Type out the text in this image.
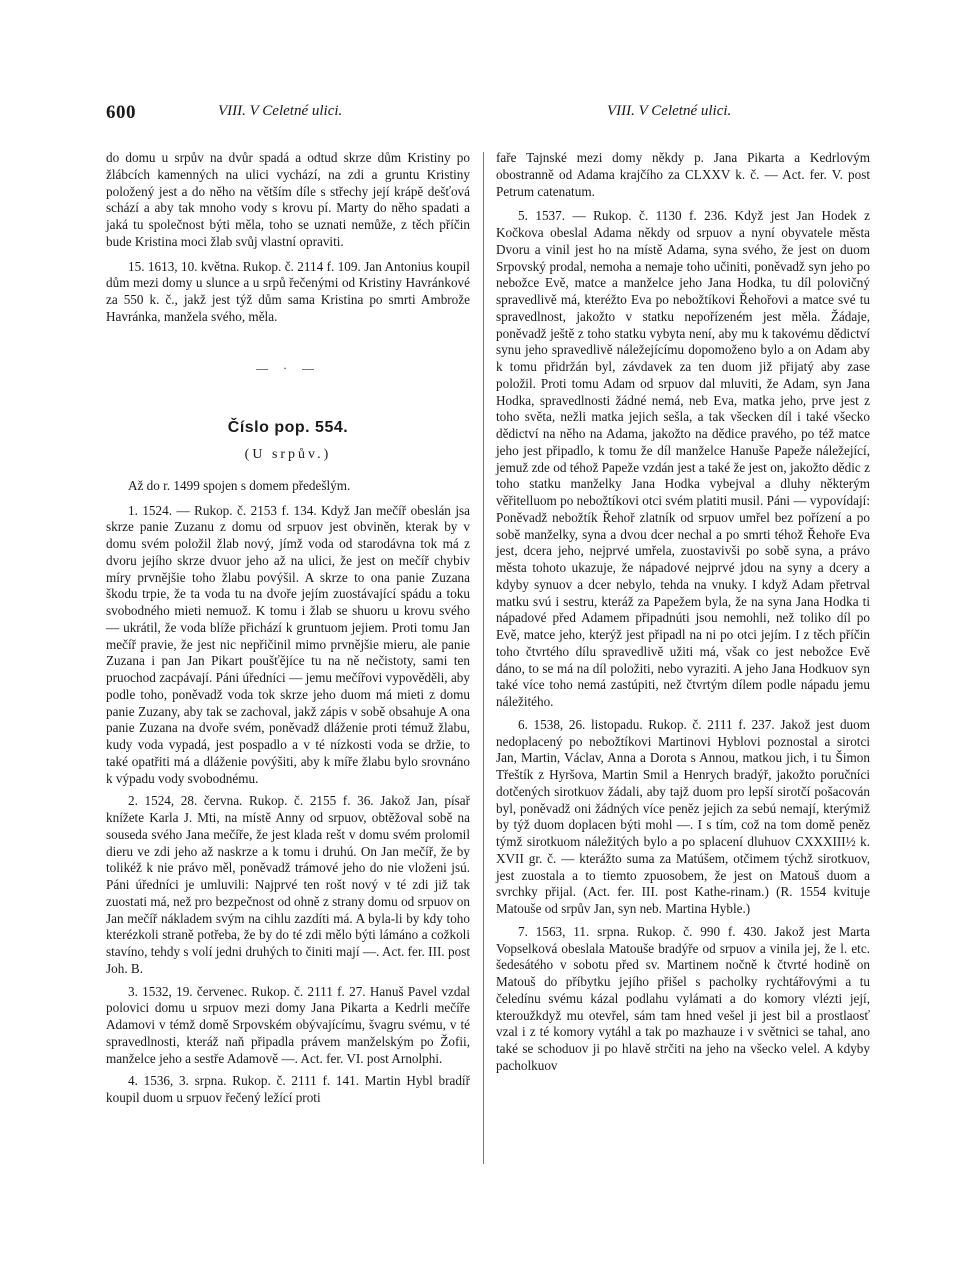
600	VIII. V Celetné ulici.	VIII. V Celetné ulici.

do domu u srpův na dvůr spadá a odtud skrze dům Kristiny po žlábcích kamenných na ulici vychází, na zdi a gruntu Kristiny položený jest a do něho na větším díle s střechy její krápě dešťová schází a aby tak mnoho vody s krovu pí. Marty do něho spadati a jaká tu společnost býti měla, toho se uznati nemůže, z těch příčin bude Kristina moci žlab svůj vlastní opraviti.

15. 1613, 10. května. Rukop. č. 2114 f. 109. Jan Antonius koupil dům mezi domy u slunce a u srpů řečenými od Kristiny Havránkové za 550 k. č., jakž jest týž dům sama Kristina po smrti Ambrože Havránka, manžela svého, měla.

— · —
Číslo pop. 554.
(U srpův.)

Až do r. 1499 spojen s domem předešlým.

1. 1524. — Rukop. č. 2153 f. 134. Když Jan mečíř obeslán jsa skrze panie Zuzanu z domu od srpuov jest obviněn, kterak by v domu svém položil žlab nový, jímž voda od starodávna tok má z dvoru jejího skrze dvuor jeho až na ulici, že jest on mečíř chybiv míry prvnějšie toho žlabu povýšil. A skrze to ona panie Zuzana škodu trpie, že ta voda tu na dvoře jejím zuostávající spádu a toku svobodného mieti nemuož. K tomu i žlab se shuoru u krovu svého — ukrátil, že voda blíže přichází k gruntuom jejiem. Proti tomu Jan mečíř pravie, že jest nic nepřičinil mimo prvnějšie mieru, ale panie Zuzana i pan Jan Pikart poušťějíce tu na ně nečistoty, sami ten pruochod zacpávají. Páni úředníci — jemu mečířovi vypověděli, aby podle toho, poněvadž voda tok skrze jeho duom má mieti z domu panie Zuzany, aby tak se zachoval, jakž zápis v sobě obsahuje A ona panie Zuzana na dvoře svém, poněvadž dláženie proti témuž žlabu, kudy voda vypadá, jest pospadlo a v té nízkosti voda se držie, to také opatřiti má a dláženie povýšiti, aby k míře žlabu bylo srovnáno k výpadu vody svobodnému.

2. 1524, 28. června. Rukop. č. 2155 f. 36. Jakož Jan, písař knížete Karla J. Mti, na místě Anny od srpuov, obtěžoval sobě na souseda svého Jana mečíře, že jest klada rešt v domu svém prolomil dieru ve zdi jeho až naskrze a k tomu i druhú. On Jan mečíř, že by tolikéž k nie právo měl, poněvadž trámové jeho do nie vloženi jsú. Páni úředníci je umluvili: Najprvé ten rošt nový v té zdi již tak zuostati má, než pro bezpečnost od ohně z strany domu od srpuov on Jan mečíř nákladem svým na cihlu zazdíti má. A byla-li by kdy toho kterézkoli straně potřeba, že by do té zdi mělo býti lámáno a cožkoli stavíno, tehdy s volí jedni druhých to činiti mají —. Act. fer. III. post Joh. B.

3. 1532, 19. červenec. Rukop. č. 2111 f. 27. Hanuš Pavel vzdal polovici domu u srpuov mezi domy Jana Pikarta a Kedrli mečíře Adamovi v témž domě Srpovském obývajícímu, švagru svému, v té spravedlnosti, kteráž naň připadla právem manželským po Žofii, manželce jeho a sestře Adamově —. Act. fer. VI. post Arnolphi.

4. 1536, 3. srpna. Rukop. č. 2111 f. 141. Martin Hybl bradíř koupil duom u srpuov řečený ležící proti

faře Tajnské mezi domy někdy p. Jana Pikarta a Kedrlovým obostranně od Adama krajčího za CLXXV k. č. — Act. fer. V. post Petrum catenatum.

5. 1537. — Rukop. č. 1130 f. 236. Když jest Jan Hodek z Kočkova obeslal Adama někdy od srpuov a nyní obyvatele města Dvoru a vinil jest ho na místě Adama, syna svého, že jest on duom Srpovský prodal, nemoha a nemaje toho učiniti, poněvadž syn jeho po nebožce Evě, matce a manželce jeho Jana Hodka, tu díl polovičný spravedlivě má, kteréžto Eva po nebožtíkovi Řehořovi a matce své tu spravedlnost, jakožto v statku nepořízeném jest měla. Žádaje, poněvadž ještě z toho statku vybyta není, aby mu k takovému dědictví synu jeho spravedlivě náležejícímu dopomoženo bylo a on Adam aby k tomu přidržán byl, závdavek za ten duom již přijatý aby zase položil. Proti tomu Adam od srpuov dal mluviti, že Adam, syn Jana Hodka, spravedlnosti žádné nemá, neb Eva, matka jeho, prve jest z toho světa, nežli matka jejich sešla, a tak všecken díl i také všecko dědictví na něho na Adama, jakožto na dědice pravého, po též matce jeho jest připadlo, k tomu že díl manželce Hanuše Papeže náležející, jemuž zde od téhož Papeže vzdán jest a také že jest on, jakožto dědic z toho statku manželky Jana Hodka vybejval a dluhy některým věřitelluom po nebožtíkovi otci svém platiti musil. Páni — vypovídají: Poněvadž nebožtík Řehoř zlatník od srpuov umřel bez pořízení a po sobě manželky, syna a dvou dcer nechal a po smrti téhož Řehoře Eva jest, dcera jeho, nejprvé umřela, zuostavivši po sobě syna, a právo města tohoto ukazuje, že nápadové nejprvé jdou na syny a dcery a kdyby synuov a dcer nebylo, tehda na vnuky. I když Adam přetrval matku svú i sestru, kteráž za Papežem byla, že na syna Jana Hodka ti nápadové před Adamem připadnúti jsou nemohli, než toliko díl po Evě, matce jeho, kterýž jest připadl na ni po otci jejím. I z těch příčin toho čtvrtého dílu spravedlivě užiti má, však co jest nebožce Evě dáno, to se má na díl položiti, nebo vyraziti. A jeho Jana Hodkuov syn také více toho nemá zastúpiti, než čtvrtým dílem podle nápadu jemu náležitého.

6. 1538, 26. listopadu. Rukop. č. 2111 f. 237. Jakož jest duom nedoplacený po nebožtíkovi Martinovi Hyblovi poznostal a sirotci Jan, Martin, Václav, Anna a Dorota s Annou, matkou jich, i tu Šimon Třeštík z Hyršova, Martin Smil a Henrych bradýř, jakožto poručníci dotčených sirotkuov žádali, aby tajž duom pro lepší sirotčí pošacován byl, poněvadž oni žádných více peněz jejich za sebú nemají, kterýmiž by týž duom doplacen býti mohl —. I s tím, což na tom domě peněz týmž sirotkuom náležitých bylo a po splacení dluhuov CXXXIII½ k. XVII gr. č. — kterážto suma za Matúšem, otčimem týchž sirotkuov, jest zuostala a to tiemto zpuosobem, že jest on Matouš duom a svrchky přijal. (Act. fer. III. post Kathe-rinam.) (R. 1554 kvituje Matouše od srpův Jan, syn neb. Martina Hyble.)

7. 1563, 11. srpna. Rukop. č. 990 f. 430. Jakož jest Marta Vopselková obeslala Matouše bradýře od srpuov a vinila jej, že l. etc. šedesátého v sobotu před sv. Martinem nočně k čtvrté hodině on Matouš do příbytku jejího přišel s pacholky rychtářovými a tu čeledínu svému kázal podlahu vylámati a do komory vlézti její, kteroužkdyž mu otevřel, sám tam hned vešel ji jest bil a prostlaosť vzal i z té komory vytáhl a tak po mazhauze i v světnici se tahal, ano také se schoduov ji po hlavě strčiti na jeho na všecko velel. A kdyby pacholkuov
